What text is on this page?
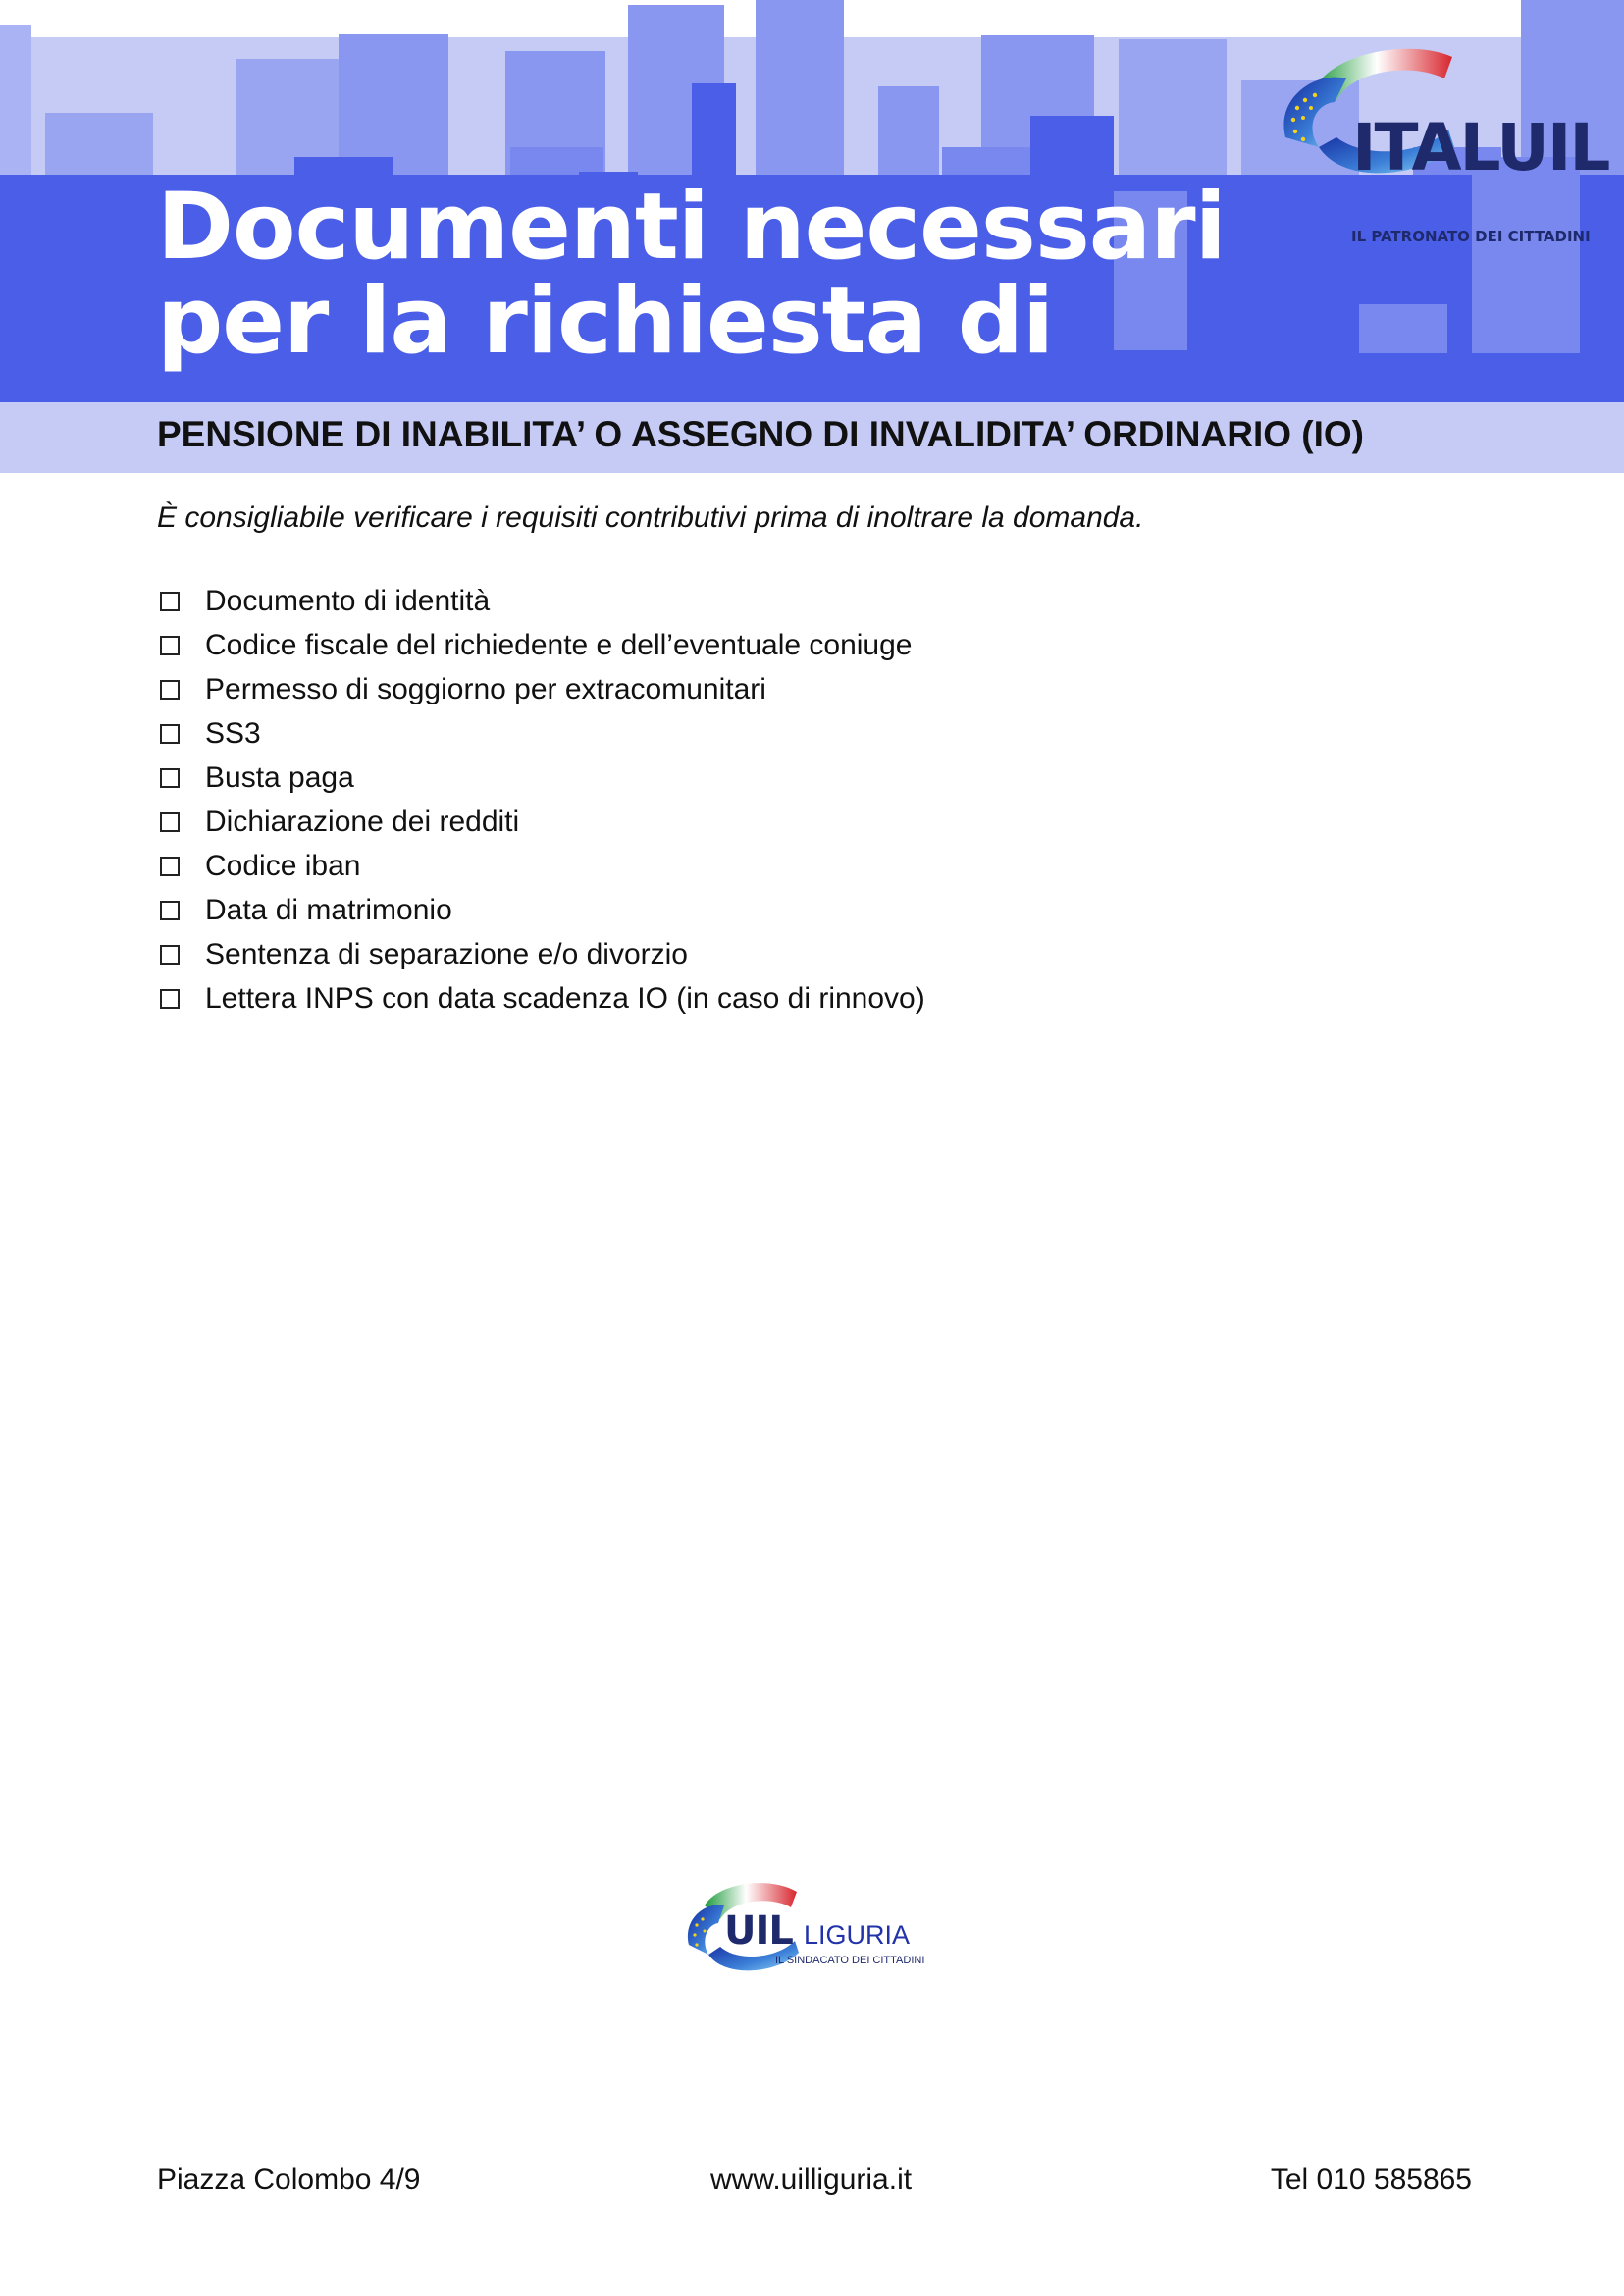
Documenti necessari
per la richiesta di
PENSIONE DI INABILITA’ O ASSEGNO DI INVALIDITA’ ORDINARIO (IO)
ITALUIL
IL PATRONATO DEI CITTADINI

È consigliabile verificare i requisiti contributivi prima di inoltrare la domanda.

Documento di identità
Codice fiscale del richiedente e dell’eventuale coniuge
Permesso di soggiorno per extracomunitari
SS3
Busta paga
Dichiarazione dei redditi
Codice iban
Data di matrimonio
Sentenza di separazione e/o divorzio
Lettera INPS con data scadenza IO (in caso di rinnovo)
UIL LIGURIA
IL SINDACATO DEI CITTADINI
Piazza Colombo 4/9	www.uilliguria.it	Tel 010 585865
